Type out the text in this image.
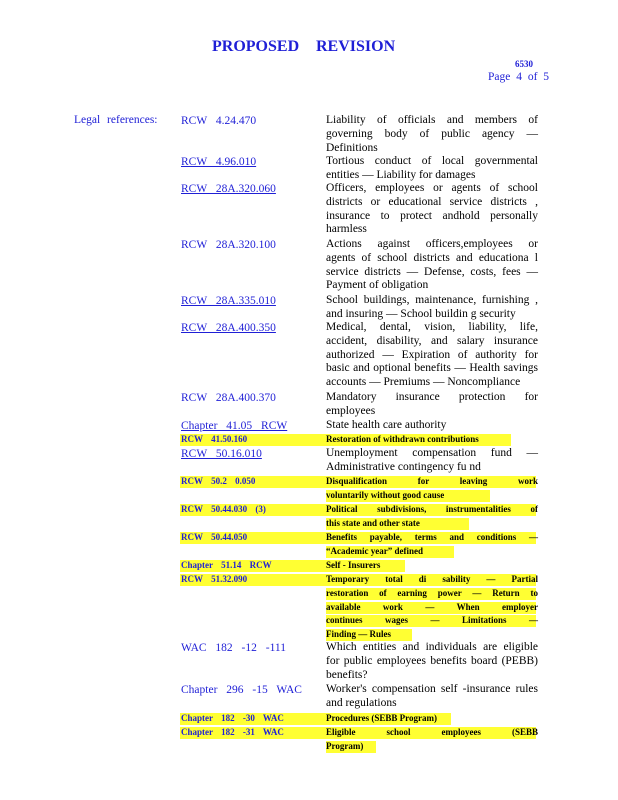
PROPOSED REVISION
6530
Page 4 of 5
Legal references: RCW 4.24.470	Liability of officials and members of
governing body of public agency —
Definitions
RCW 4.96.010	Tortious conduct of local governmental
entities — Liability for damages
RCW 28A.320.060	Officers, employees or agents of school
districts or educational service districts ,
insurance to protect andhold personally
harmless
RCW 28A.320.100	Actions against officers,employees or
agents of school districts and educationa l
service districts — Defense, costs, fees —
Payment of obligation
RCW 28A.335.010	School buildings, maintenance, furnishing ,
and insuring — School buildin g security
RCW 28A.400.350	Medical, dental, vision, liability, life,
accident, disability, and salary insurance
authorized — Expiration of authority for
basic and optional benefits — Health savings
accounts — Premiums — Noncompliance
RCW 28A.400.370	Mandatory insurance protection for
employees
Chapter 41.05 RCW	State health care authority
RCW 41.50.160	Restoration of withdrawn contributions
RCW 50.16.010	Unemployment compensation fund —
Administrative contingency fu nd
RCW 50.2 0.050	Disqualification for leaving work
voluntarily without good cause
RCW 50.44.030 (3)	Political subdivisions, instrumentalities of
this state and other state
RCW 50.44.050	Benefits payable, terms and conditions —
“Academic year” defined
Chapter 51.14 RCW	Self - Insurers
RCW 51.32.090	Temporary total di sability — Partial
restoration of earning power — Return to
available work — When employer
continues wages — Limitations —
Finding — Rules
WAC 182 -12 -111	Which entities and individuals are eligible
for public employees benefits board (PEBB)
benefits?
Chapter 296 -15 WAC Worker's compensation self -insurance rules
and regulations
Chapter 182 -30 WAC	Procedures (SEBB Program)
Chapter 182 -31 WAC	Eligible school employees (SEBB
Program)
